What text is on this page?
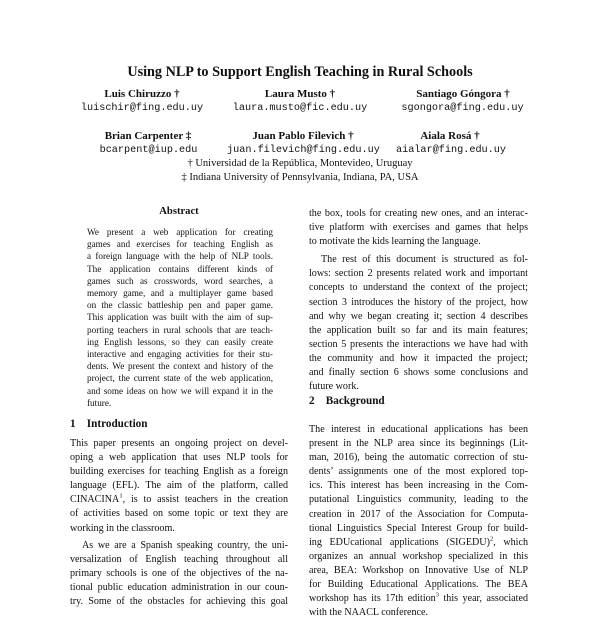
Using NLP to Support English Teaching in Rural Schools
Luis Chiruzzo †
luischir@fing.edu.uy
Laura Musto †
laura.musto@fic.edu.uy
Santiago Góngora †
sgongora@fing.edu.uy
Brian Carpenter ‡
bcarpent@iup.edu
Juan Pablo Filevich †
juan.filevich@fing.edu.uy
Aiala Rosá †
aialar@fing.edu.uy
† Universidad de la República, Montevideo, Uruguay
‡ Indiana University of Pennsylvania, Indiana, PA, USA
Abstract

We present a web application for creating

games and exercises for teaching English as

a foreign language with the help of NLP tools.

The application contains different kinds of

games such as crosswords, word searches, a

memory game, and a multiplayer game based

on the classic battleship pen and paper game.

This application was built with the aim of sup-

porting teachers in rural schools that are teach-

ing English lessons, so they can easily create

interactive and engaging activities for their stu-

dents. We present the context and history of the

project, the current state of the web application,

and some ideas on how we will expand it in the

future.

1    Introduction

This paper presents an ongoing project on devel-

oping a web application that uses NLP tools for

building exercises for teaching English as a foreign

language (EFL). The aim of the platform, called

CINACINA$^1$, is to assist teachers in the creation

of activities based on some topic or text they are

working in the classroom.

As we are a Spanish speaking country, the uni-

versalization of English teaching throughout all

primary schools is one of the objectives of the na-

tional public education administration in our coun-

try. Some of the obstacles for achieving this goal

the box, tools for creating new ones, and an interac-

tive platform with exercises and games that helps

to motivate the kids learning the language.

The rest of this document is structured as fol-

lows: section 2 presents related work and important

concepts to understand the context of the project;

section 3 introduces the history of the project, how

and why we began creating it; section 4 describes

the application built so far and its main features;

section 5 presents the interactions we have had with

the community and how it impacted the project;

and finally section 6 shows some conclusions and

future work.

2    Background

The interest in educational applications has been

present in the NLP area since its beginnings (Lit-

man, 2016), being the automatic correction of stu-

dents’ assignments one of the most explored top-

ics. This interest has been increasing in the Com-

putational Linguistics community, leading to the

creation in 2017 of the Association for Computa-

tional Linguistics Special Interest Group for build-

ing EDUcational applications (SIGEDU)$^2$, which

organizes an annual workshop specialized in this

area, BEA: Workshop on Innovative Use of NLP

for Building Educational Applications. The BEA

workshop has its 17th edition$^3$ this year, associated

with the NAACL conference.
